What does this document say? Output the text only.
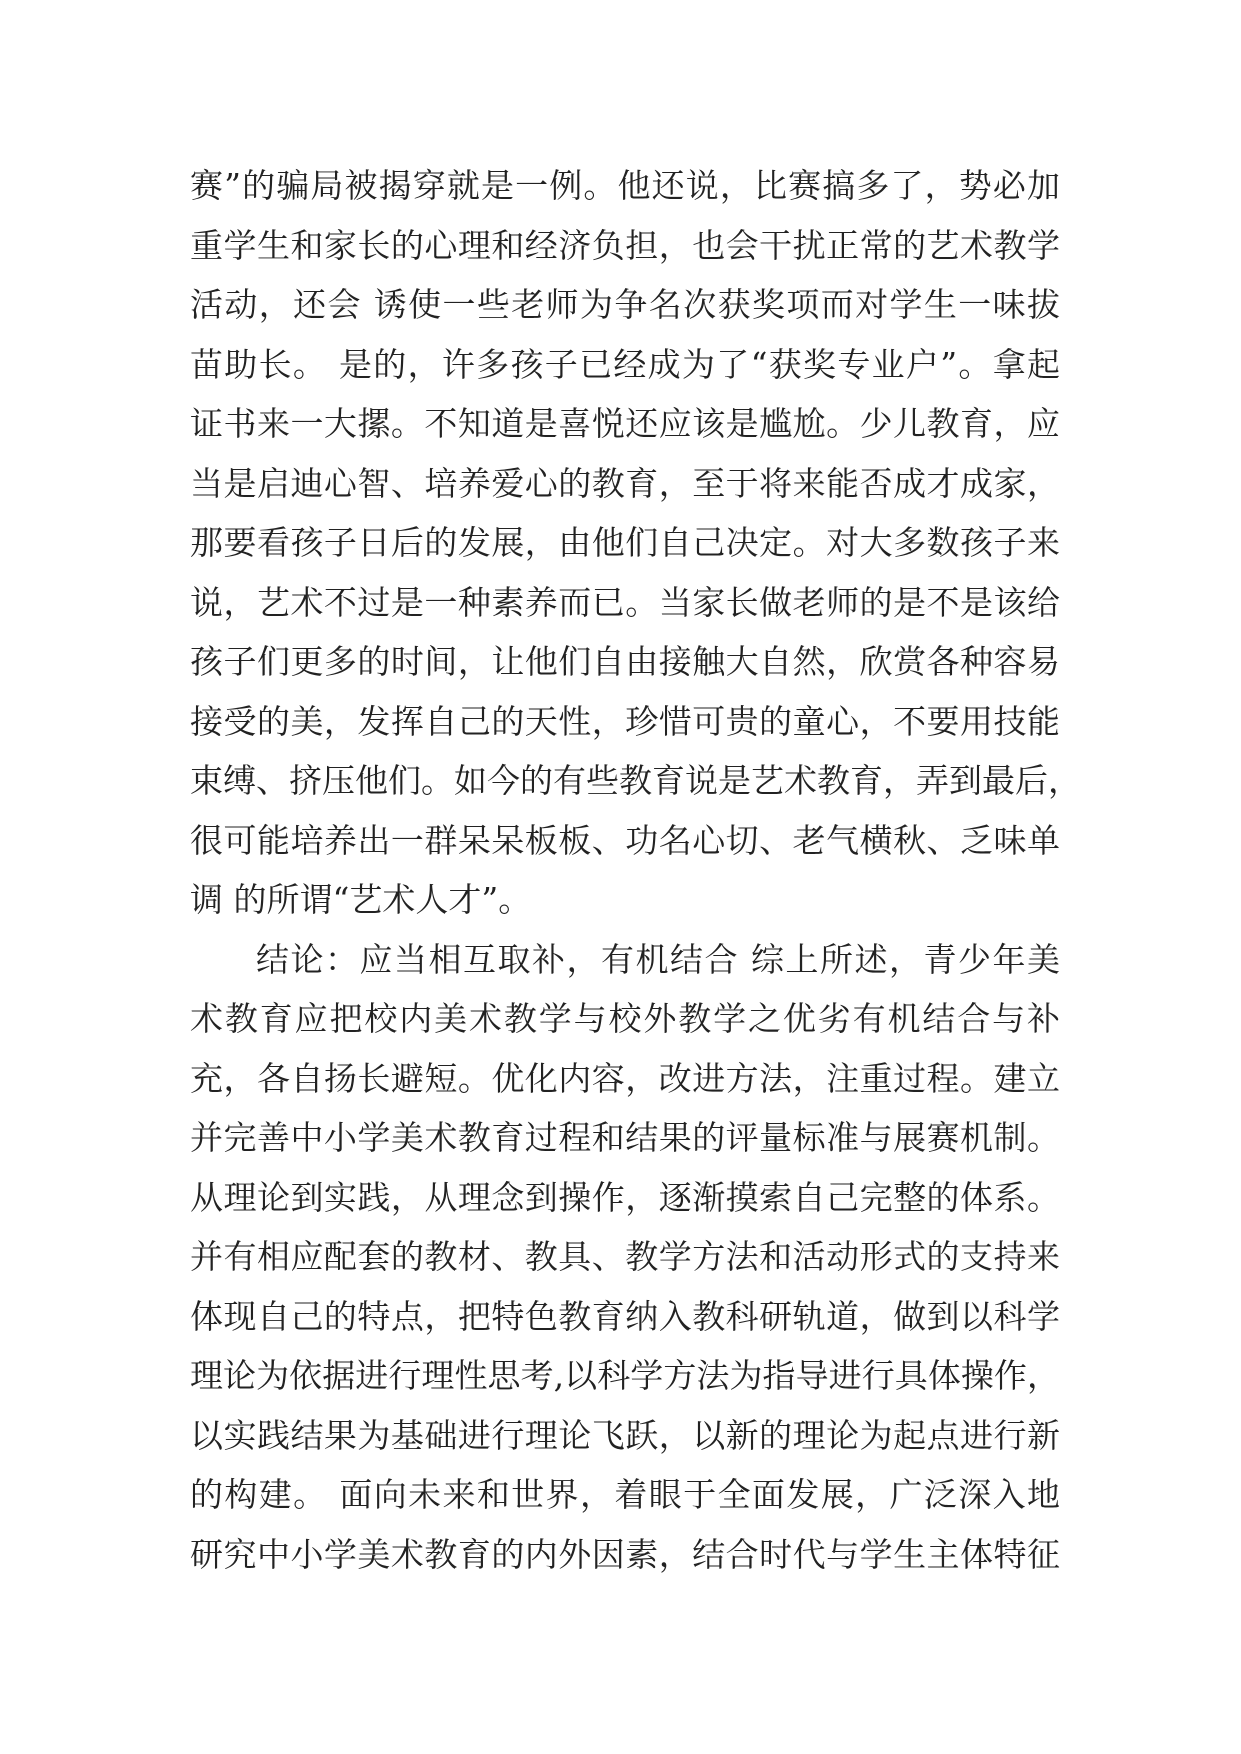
赛”的骗局被揭穿就是一例。他还说，比赛搞多了，势必加
重学生和家长的心理和经济负担，也会干扰正常的艺术教学
活动，还会 诱使一些老师为争名次获奖项而对学生一味拔
苗助长。 是的，许多孩子已经成为了“获奖专业户”。拿起
证书来一大摞。不知道是喜悦还应该是尴尬。少儿教育，应
当是启迪心智、培养爱心的教育，至于将来能否成才成家，
那要看孩子日后的发展，由他们自己决定。对大多数孩子来
说，艺术不过是一种素养而已。当家长做老师的是不是该给
孩子们更多的时间，让他们自由接触大自然，欣赏各种容易
接受的美，发挥自己的天性，珍惜可贵的童心，不要用技能
束缚、挤压他们。如今的有些教育说是艺术教育，弄到最后，
很可能培养出一群呆呆板板、功名心切、老气横秋、乏味单
调 的所谓“艺术人才”。
结论：应当相互取补，有机结合 综上所述，青少年美
术教育应把校内美术教学与校外教学之优劣有机结合与补
充，各自扬长避短。优化内容，改进方法，注重过程。建立
并完善中小学美术教育过程和结果的评量标准与展赛机制。
从理论到实践，从理念到操作，逐渐摸索自己完整的体系。
并有相应配套的教材、教具、教学方法和活动形式的支持来
体现自己的特点，把特色教育纳入教科研轨道，做到以科学
理论为依据进行理性思考,以科学方法为指导进行具体操作，
以实践结果为基础进行理论飞跃，以新的理论为起点进行新
的构建。 面向未来和世界，着眼于全面发展，广泛深入地
研究中小学美术教育的内外因素，结合时代与学生主体特征
